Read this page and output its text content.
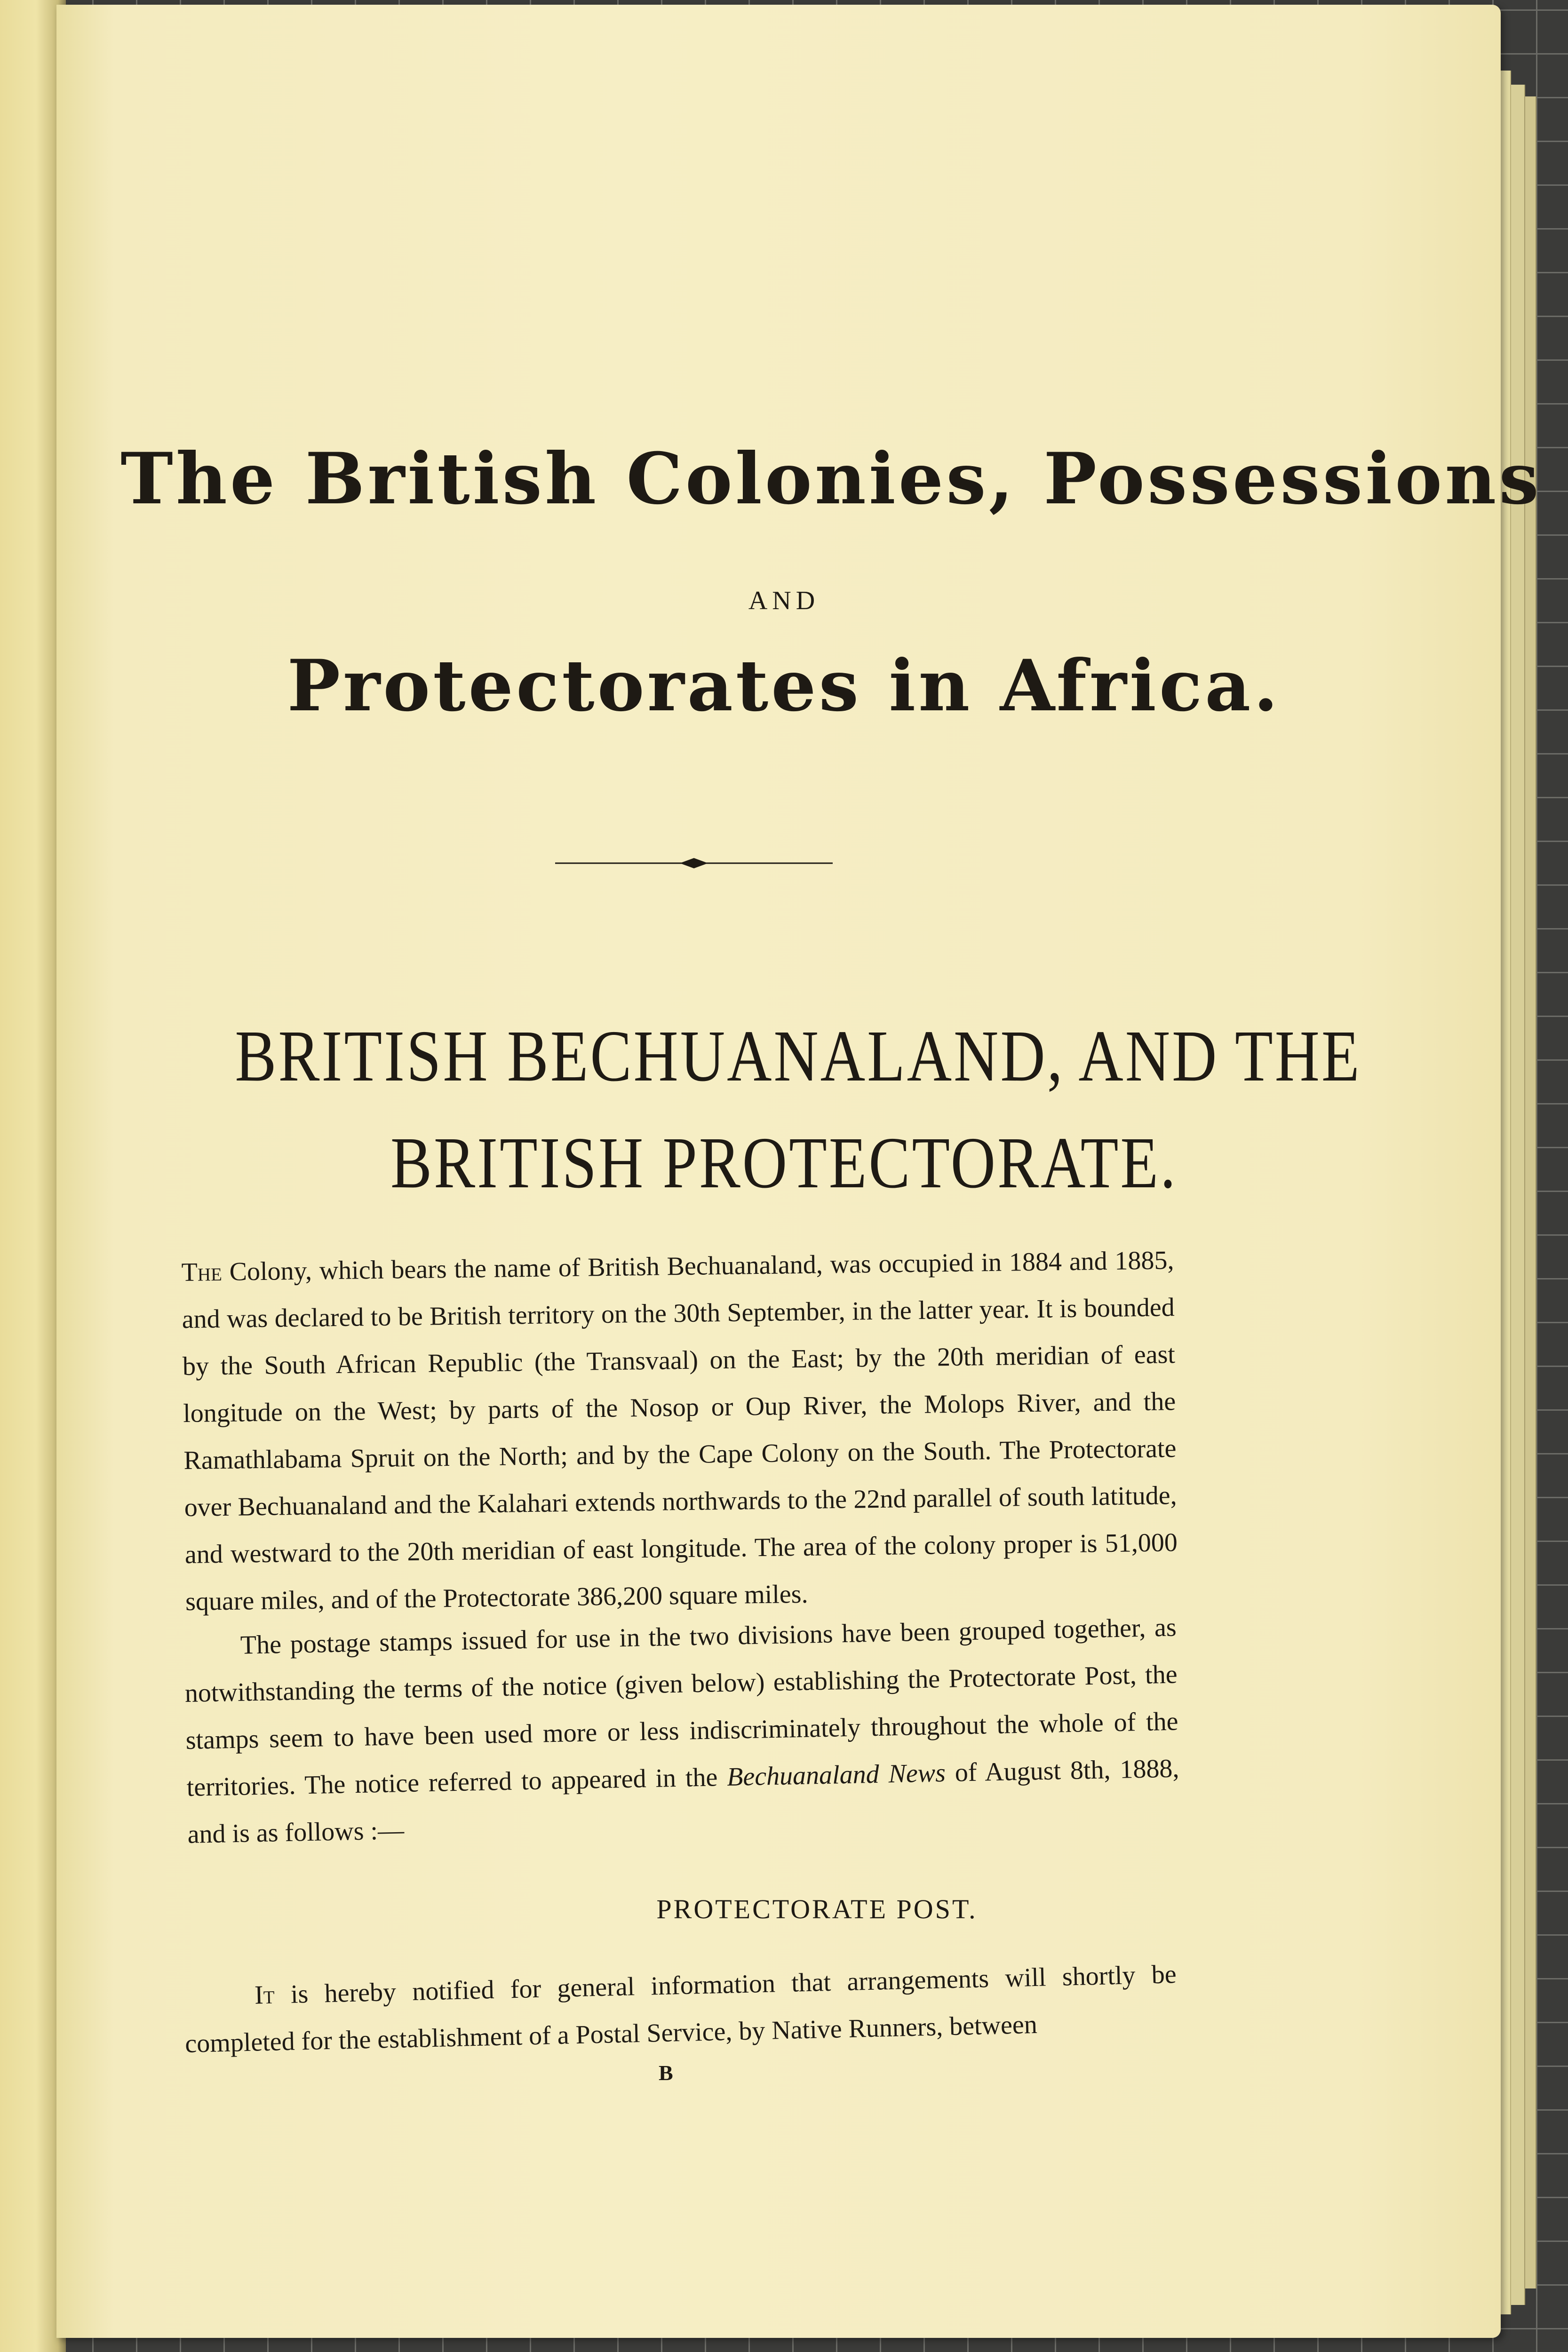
The British Colonies, Possessions
AND
Protectorates in Africa.
BRITISH BECHUANALAND, AND THE
BRITISH PROTECTORATE.
The Colony, which bears the name of British Bechuanaland, was occupied in 1884 and 1885, and was declared to be British territory on the 30th September, in the latter year. It is bounded by the South African Republic (the Transvaal) on the East; by the 20th meridian of east longitude on the West; by parts of the Nosop or Oup River, the Molops River, and the Ramathlabama Spruit on the North; and by the Cape Colony on the South. The Protectorate over Bechuanaland and the Kalahari extends northwards to the 22nd parallel of south latitude, and westward to the 20th meridian of east longitude. The area of the colony proper is 51,000 square miles, and of the Protectorate 386,200 square miles.
The postage stamps issued for use in the two divisions have been grouped together, as notwithstanding the terms of the notice (given below) establishing the Protectorate Post, the stamps seem to have been used more or less indiscriminately throughout the whole of the territories. The notice referred to appeared in the Bechuanaland News of August 8th, 1888, and is as follows :—
PROTECTORATE POST.
It is hereby notified for general information that arrangements will shortly be completed for the establishment of a Postal Service, by Native Runners, between
B
